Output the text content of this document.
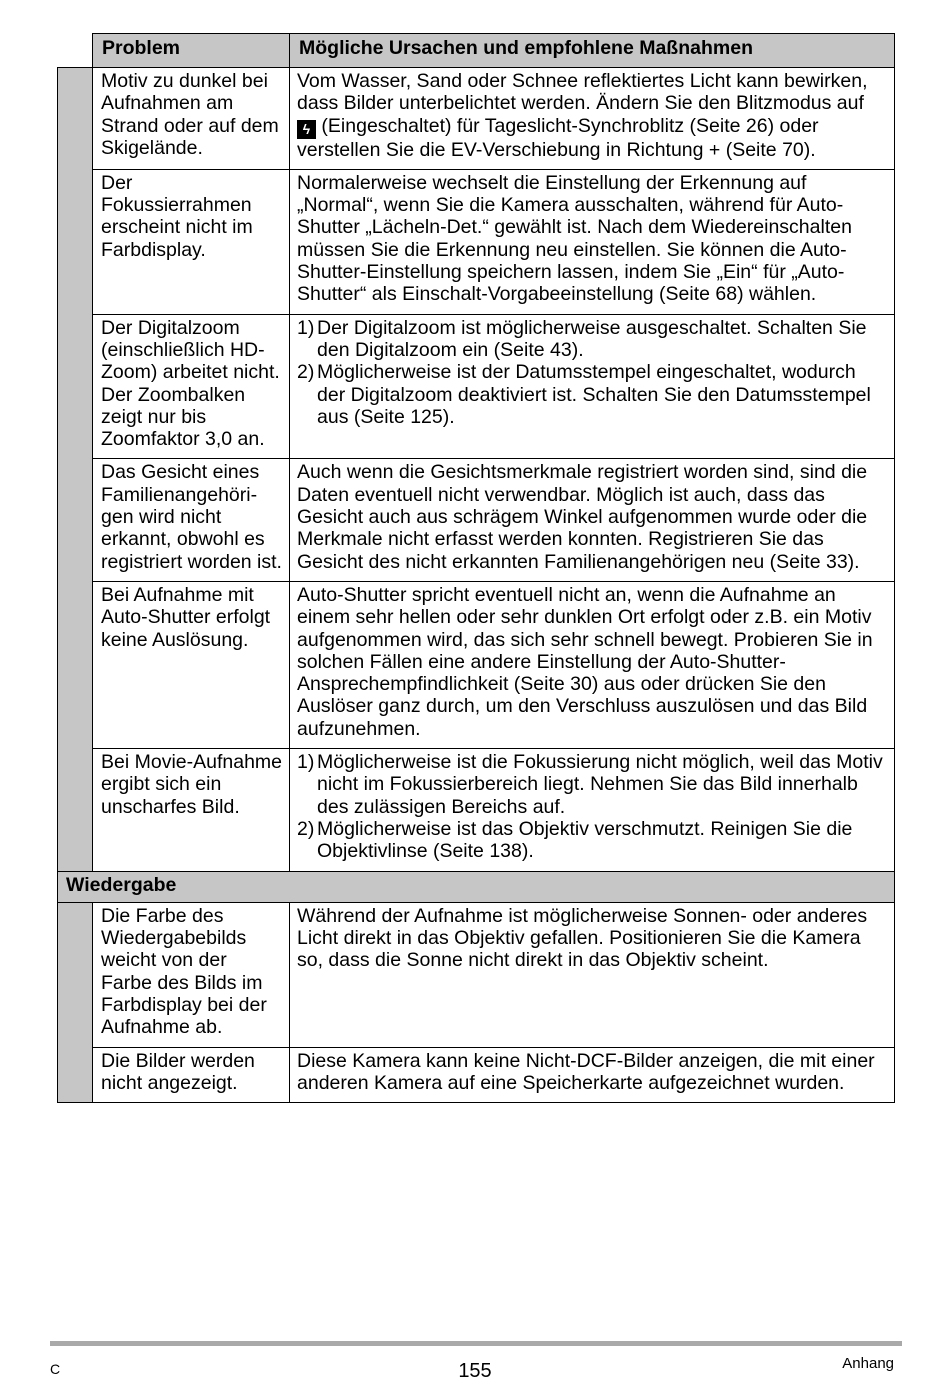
	Problem	Mögliche Ursachen und empfohlene Maßnahmen
	Motiv zu dunkel bei Aufnahmen am Strand oder auf dem Skigelände.	Vom Wasser, Sand oder Schnee reflektiertes Licht kann bewirken, dass Bilder unterbelichtet werden. Ändern Sie den Blitzmodus auf ϟ (Eingeschaltet) für Tageslicht-Synchroblitz (Seite 26) oder verstellen Sie die EV-Verschiebung in Richtung + (Seite 70).
	Der Fokussierrahmen erscheint nicht im Farbdisplay.	Normalerweise wechselt die Einstellung der Erkennung auf „Normal“, wenn Sie die Kamera ausschalten, während für Auto-Shutter „Lächeln-Det.“ gewählt ist. Nach dem Wiedereinschalten müssen Sie die Erkennung neu einstellen. Sie können die Auto-Shutter-Einstellung speichern lassen, indem Sie „Ein“ für „Auto-Shutter“ als Einschalt-Vorgabeeinstellung (Seite 68) wählen.
	Der Digitalzoom (einschließlich HD-Zoom) arbeitet nicht. Der Zoombalken zeigt nur bis Zoomfaktor 3,0 an.	1) Der Digitalzoom ist möglicherweise ausgeschaltet. Schalten Sie den Digitalzoom ein (Seite 43).
2) Möglicherweise ist der Datumsstempel eingeschaltet, wodurch der Digitalzoom deaktiviert ist. Schalten Sie den Datumsstempel aus (Seite 125).

	Das Gesicht eines Familienangehöri-gen wird nicht erkannt, obwohl es registriert worden ist.	Auch wenn die Gesichtsmerkmale registriert worden sind, sind die Daten eventuell nicht verwendbar. Möglich ist auch, dass das Gesicht auch aus schrägem Winkel aufgenommen wurde oder die Merkmale nicht erfasst werden konnten. Registrieren Sie das Gesicht des nicht erkannten Familienangehörigen neu (Seite 33).
	Bei Aufnahme mit Auto-Shutter erfolgt keine Auslösung.	Auto-Shutter spricht eventuell nicht an, wenn die Aufnahme an einem sehr hellen oder sehr dunklen Ort erfolgt oder z.B. ein Motiv aufgenommen wird, das sich sehr schnell bewegt. Probieren Sie in solchen Fällen eine andere Einstellung der Auto-Shutter-Ansprechempfindlichkeit (Seite 30) aus oder drücken Sie den Auslöser ganz durch, um den Verschluss auszulösen und das Bild aufzunehmen.
	Bei Movie-Aufnahme ergibt sich ein unscharfes Bild.	1) Möglicherweise ist die Fokussierung nicht möglich, weil das Motiv nicht im Fokussierbereich liegt. Nehmen Sie das Bild innerhalb des zulässigen Bereichs auf.
2) Möglicherweise ist das Objektiv verschmutzt. Reinigen Sie die Objektivlinse (Seite 138).

Wiedergabe		
	Die Farbe des Wiedergabebilds weicht von der Farbe des Bilds im Farbdisplay bei der Aufnahme ab.	Während der Aufnahme ist möglicherweise Sonnen- oder anderes Licht direkt in das Objektiv gefallen. Positionieren Sie die Kamera so, dass die Sonne nicht direkt in das Objektiv scheint.
	Die Bilder werden nicht angezeigt.	Diese Kamera kann keine Nicht-DCF-Bilder anzeigen, die mit einer anderen Kamera auf eine Speicherkarte aufgezeichnet wurden.
C	155	Anhang
